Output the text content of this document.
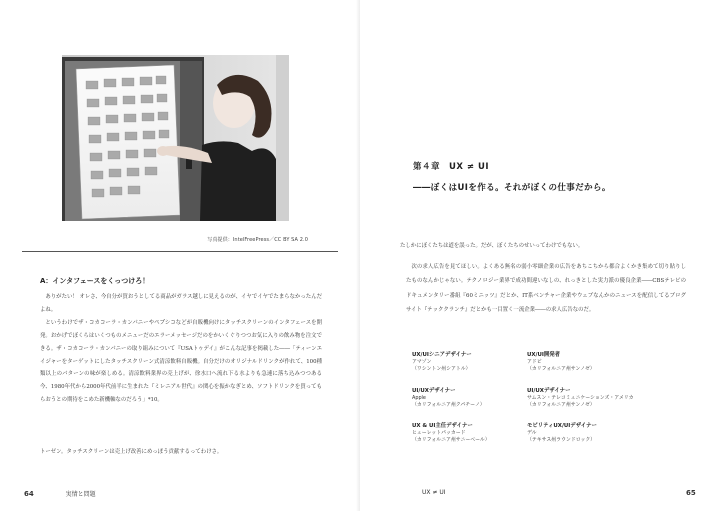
写真提供：IntelFreePress／CC BY SA 2.0
A：インタフェースをくっつけろ！

ありがたい！ オレさ、今自分が買おうとしてる商品がガラス越しに見えるのが、イヤでイヤでたまらなかったんだよね。

というわけでザ・コカコーラ・カンパニーやペプシコなどが自販機向けにタッチスクリーンのインタフェースを開発。おかげでぼくらはいくつものメニューだのエラーメッセージだのをかいくぐりつつお気に入りの飲み物を注文できる。ザ・コカコーラ・カンパニーの取り組みについて『USAトゥデイ』がこんな記事を掲載した――「ティーンエイジャーをターゲットにしたタッチスクリーン式清涼飲料自販機。自分だけのオリジナルドリンクが作れて、100種類以上のパターンの味が楽しめる。清涼飲料業界の売上げが、徐水口へ流れ下る水よりも急速に落ち込みつつある今、1980年代から2000年代前半に生まれた『ミレニアル世代』の関心を振かなぎとめ、ソフトドリンクを買ってもらおうとの期待をこめた新機軸なのだろう」*10。

トーゼン。タッチスクリーンは売上げ改善にめっぽう貢献するってわけさ。
64	実情と問題
第４章　UX ≠ UI
――ぼくはUIを作る。それがぼくの仕事だから。
たしかにぼくたちは道を誤った。だが、ぼくたちのせいってわけでもない。

次の求人広告を見てほしい。よくある無名の弱小零細企業の広告をあちこちから都合よくかき集めて切り貼りしたものなんかじゃない。テクノロジー業界で成功間違いなしの、れっきとした実力派の優良企業――CBSテレビのドキュメンタリー番組『60ミニッツ』だとか、IT系ベンチャー企業やウェブなんかのニュースを配信してるブログサイト『テッククランチ』だとかも一目置く一流企業――の求人広告なのだ。

UX/UIシニアデザイナー
アマゾン
（ワシントン州シアトル）
UX/UI開発者
アドビ
（カリフォルニア州サンノゼ）
UI/UXデザイナー
Apple
（カリフォルニア州クパチーノ）
UI/UXデザイナー
サムスン・テレコミュニケーションズ・アメリカ
（カリフォルニア州サンノゼ）
UX & UI主任デザイナー
ヒューレットパッカード
（カリフォルニア州サニーベール）
モビリティUX/UIデザイナー
デル
（テキサス州ラウンドロック）
UX ≠ UI	65
